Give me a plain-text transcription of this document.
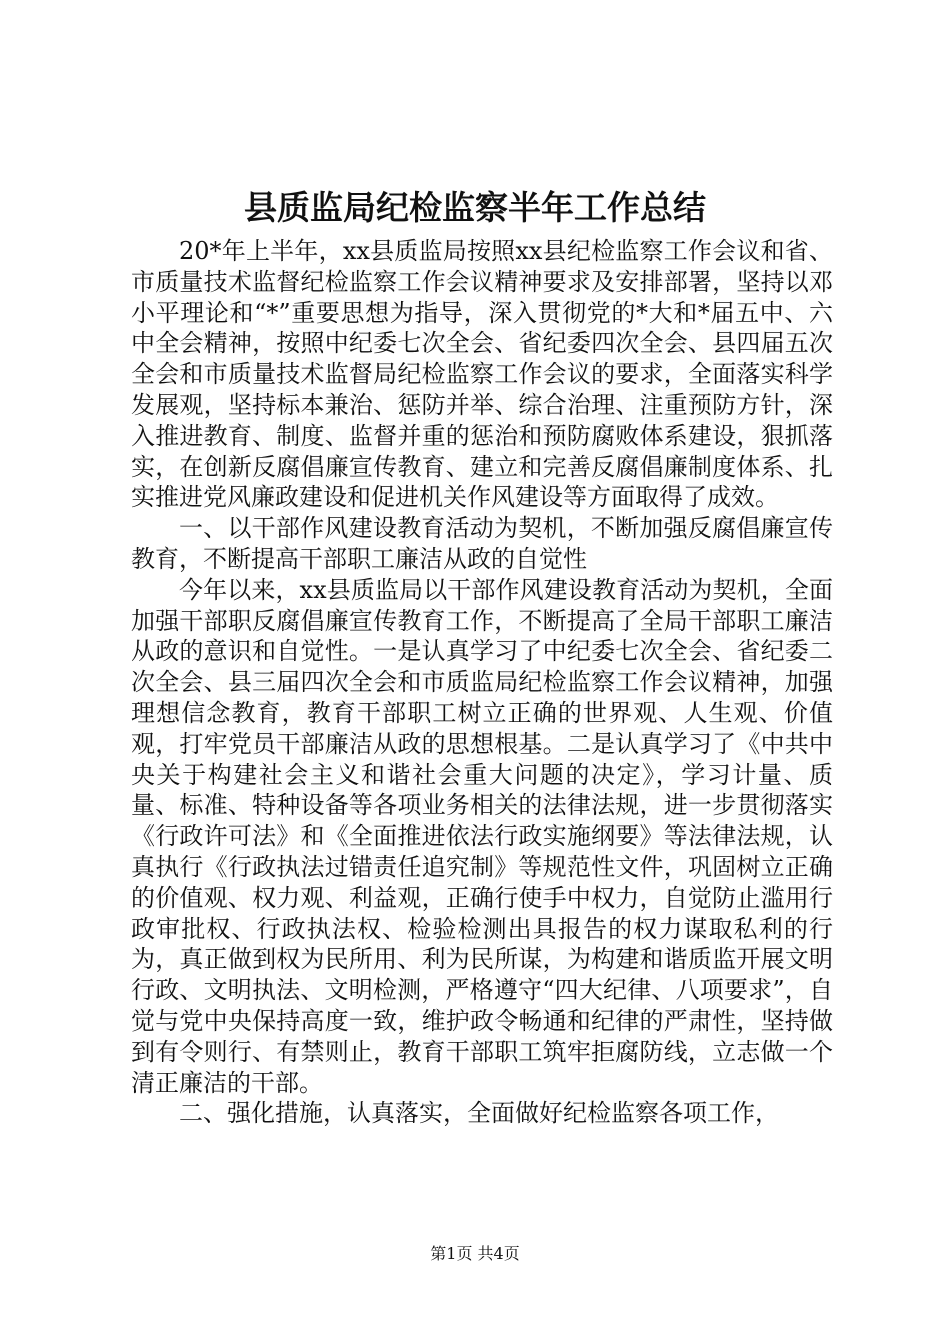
县质监局纪检监察半年工作总结

20*年上半年，xx县质监局按照xx县纪检监察工作会议和省、市质量技术监督纪检监察工作会议精神要求及安排部署，坚持以邓小平理论和“*”重要思想为指导，深入贯彻党的*大和*届五中、六中全会精神，按照中纪委七次全会、省纪委四次全会、县四届五次全会和市质量技术监督局纪检监察工作会议的要求，全面落实科学发展观，坚持标本兼治、惩防并举、综合治理、注重预防方针，深入推进教育、制度、监督并重的惩治和预防腐败体系建设，狠抓落实，在创新反腐倡廉宣传教育、建立和完善反腐倡廉制度体系、扎实推进党风廉政建设和促进机关作风建设等方面取得了成效。

一、以干部作风建设教育活动为契机，不断加强反腐倡廉宣传教育，不断提高干部职工廉洁从政的自觉性

今年以来，xx县质监局以干部作风建设教育活动为契机，全面加强干部职反腐倡廉宣传教育工作，不断提高了全局干部职工廉洁从政的意识和自觉性。一是认真学习了中纪委七次全会、省纪委二次全会、县三届四次全会和市质监局纪检监察工作会议精神，加强理想信念教育，教育干部职工树立正确的世界观、人生观、价值观，打牢党员干部廉洁从政的思想根基。二是认真学习了《中共中央关于构建社会主义和谐社会重大问题的决定》，学习计量、质量、标准、特种设备等各项业务相关的法律法规，进一步贯彻落实《行政许可法》和《全面推进依法行政实施纲要》等法律法规，认真执行《行政执法过错责任追究制》等规范性文件，巩固树立正确的价值观、权力观、利益观，正确行使手中权力，自觉防止滥用行政审批权、行政执法权、检验检测出具报告的权力谋取私利的行为，真正做到权为民所用、利为民所谋，为构建和谐质监开展文明行政、文明执法、文明检测，严格遵守“四大纪律、八项要求”，自觉与党中央保持高度一致，维护政令畅通和纪律的严肃性，坚持做到有令则行、有禁则止，教育干部职工筑牢拒腐防线，立志做一个清正廉洁的干部。

二、强化措施，认真落实，全面做好纪检监察各项工作，

第1页 共4页
